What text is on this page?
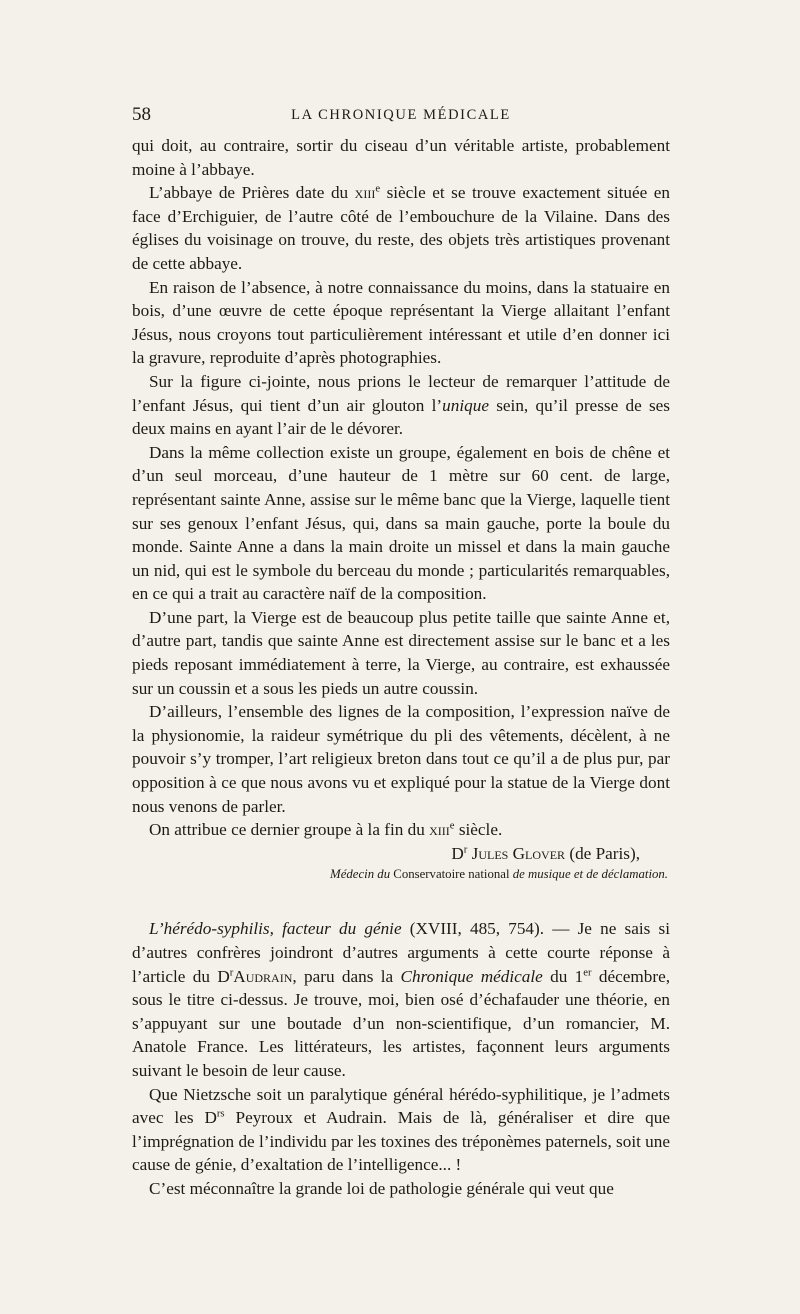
58	LA CHRONIQUE MÉDICALE

qui doit, au contraire, sortir du ciseau d’un véritable artiste, probablement moine à l’abbaye.

L’abbaye de Prières date du xiii$^e$ siècle et se trouve exactement située en face d’Erchiguier, de l’autre côté de l’embouchure de la Vilaine. Dans des églises du voisinage on trouve, du reste, des objets très artistiques provenant de cette abbaye.

En raison de l’absence, à notre connaissance du moins, dans la statuaire en bois, d’une œuvre de cette époque représentant la Vierge allaitant l’enfant Jésus, nous croyons tout particulièrement intéressant et utile d’en donner ici la gravure, reproduite d’après photographies.

Sur la figure ci-jointe, nous prions le lecteur de remarquer l’attitude de l’enfant Jésus, qui tient d’un air glouton l’unique sein, qu’il presse de ses deux mains en ayant l’air de le dévorer.

Dans la même collection existe un groupe, également en bois de chêne et d’un seul morceau, d’une hauteur de 1 mètre sur 60 cent. de large, représentant sainte Anne, assise sur le même banc que la Vierge, laquelle tient sur ses genoux l’enfant Jésus, qui, dans sa main gauche, porte la boule du monde. Sainte Anne a dans la main droite un missel et dans la main gauche un nid, qui est le symbole du berceau du monde ; particularités remarquables, en ce qui a trait au caractère naïf de la composition.

D’une part, la Vierge est de beaucoup plus petite taille que sainte Anne et, d’autre part, tandis que sainte Anne est directement assise sur le banc et a les pieds reposant immédiatement à terre, la Vierge, au contraire, est exhaussée sur un coussin et a sous les pieds un autre coussin.

D’ailleurs, l’ensemble des lignes de la composition, l’expression naïve de la physionomie, la raideur symétrique du pli des vêtements, décèlent, à ne pouvoir s’y tromper, l’art religieux breton dans tout ce qu’il a de plus pur, par opposition à ce que nous avons vu et expliqué pour la statue de la Vierge dont nous venons de parler.

On attribue ce dernier groupe à la fin du xiii$^e$ siècle.

$D^r$ Jules Glover (de Paris),

Médecin du Conservatoire national de musique et de déclamation.

L’hérédo-syphilis, facteur du génie (XVIII, 485, 754). — Je ne sais si d’autres confrères joindront d’autres arguments à cette courte réponse à l’article du $D^rAudrain$, paru dans la Chronique médicale du 1er décembre, sous le titre ci-dessus. Je trouve, moi, bien osé d’échafauder une théorie, en s’appuyant sur une boutade d’un non-scientifique, d’un romancier, M. Anatole France. Les littérateurs, les artistes, façonnent leurs arguments suivant le besoin de leur cause.

Que Nietzsche soit un paralytique général hérédo-syphilitique, je l’admets avec les $D^{rs}$ Peyroux et Audrain. Mais de là, généraliser et dire que l’imprégnation de l’individu par les toxines des tréponèmes paternels, soit une cause de génie, d’exaltation de l’intelligence... !

C’est méconnaître la grande loi de pathologie générale qui veut que
